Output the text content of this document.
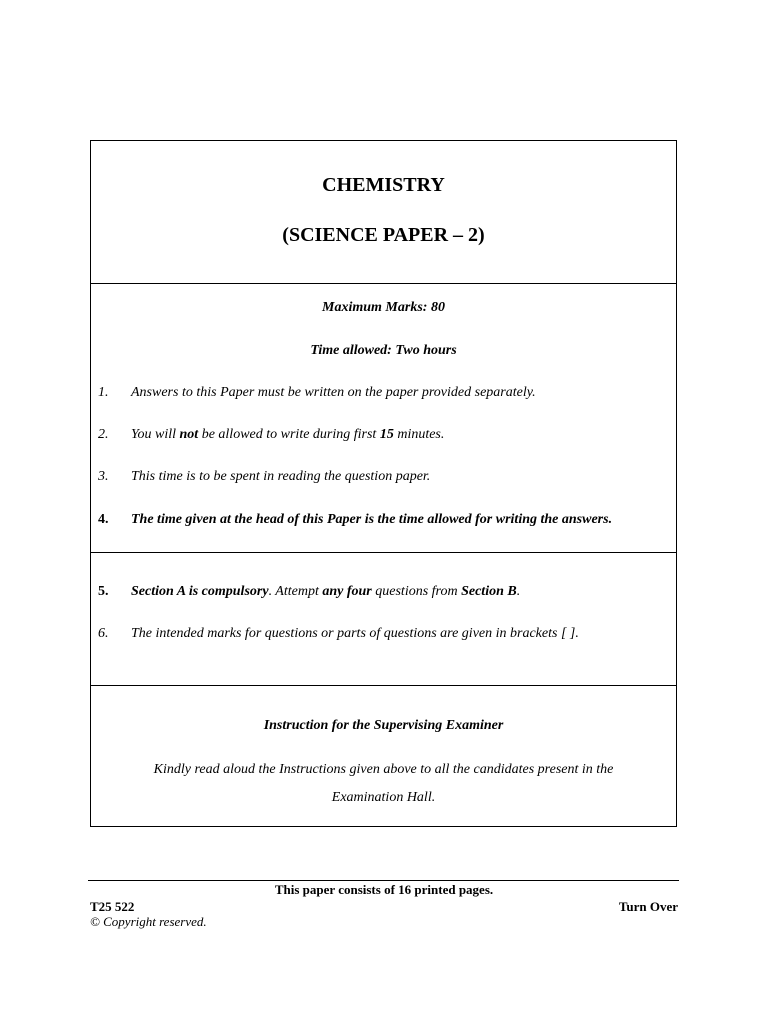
CHEMISTRY
(SCIENCE PAPER – 2)
Maximum Marks: 80
Time allowed: Two hours
1. Answers to this Paper must be written on the paper provided separately.
2. You will not be allowed to write during first 15 minutes.
3. This time is to be spent in reading the question paper.
4. The time given at the head of this Paper is the time allowed for writing the answers.
5. Section A is compulsory. Attempt any four questions from Section B.
6. The intended marks for questions or parts of questions are given in brackets [ ].
Instruction for the Supervising Examiner
Kindly read aloud the Instructions given above to all the candidates present in the
Examination Hall.
This paper consists of 16 printed pages.
T25 522	Turn Over
© Copyright reserved.
